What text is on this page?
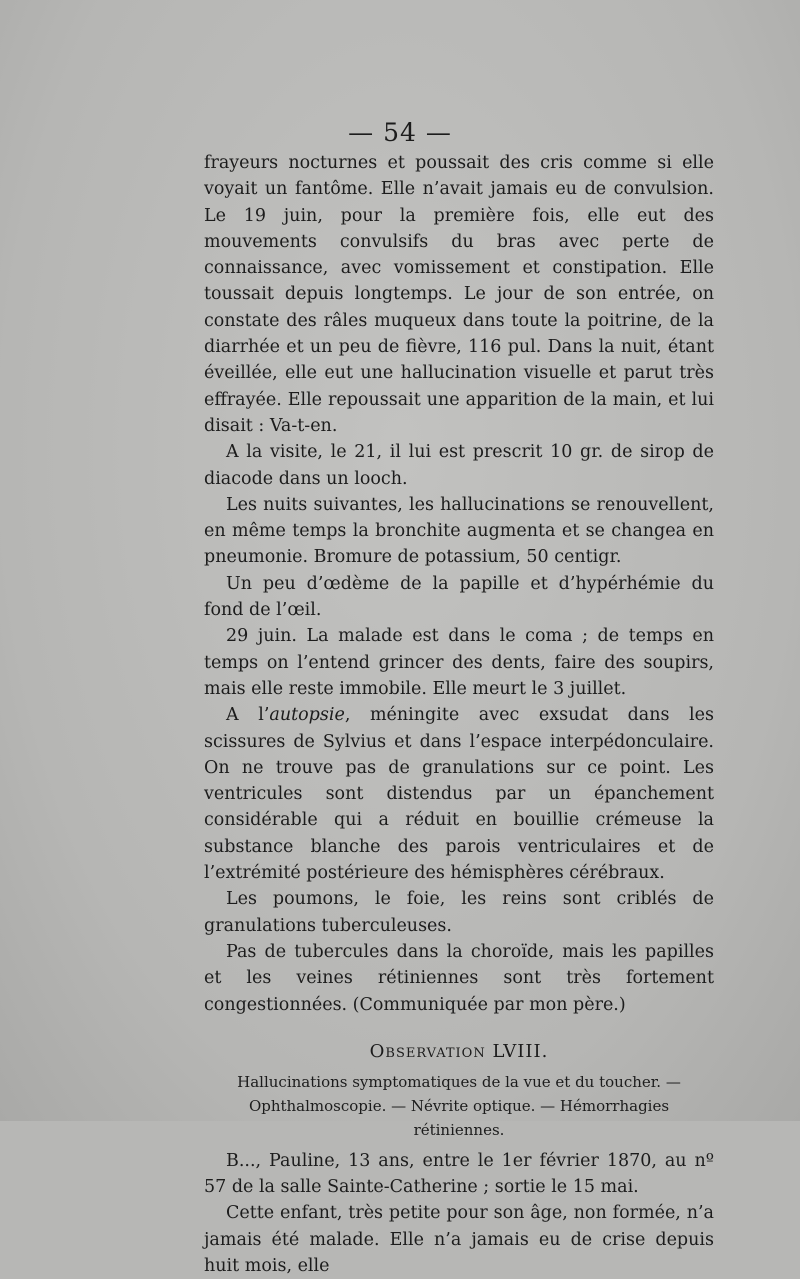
— 54 —

frayeurs nocturnes et poussait des cris comme si elle voyait un fantôme. Elle n’avait jamais eu de convulsion. Le 19 juin, pour la première fois, elle eut des mouvements convulsifs du bras avec perte de connaissance, avec vomissement et constipation. Elle toussait depuis longtemps. Le jour de son entrée, on constate des râles muqueux dans toute la poitrine, de la diarrhée et un peu de fièvre, 116 pul. Dans la nuit, étant éveillée, elle eut une hallucination visuelle et parut très effrayée. Elle repoussait une apparition de la main, et lui disait : Va-t-en.

A la visite, le 21, il lui est prescrit 10 gr. de sirop de diacode dans un looch.

Les nuits suivantes, les hallucinations se renouvellent, en même temps la bronchite augmenta et se changea en pneumonie. Bromure de potassium, 50 centigr.

Un peu d’œdème de la papille et d’hypérhémie du fond de l’œil.

29 juin. La malade est dans le coma ; de temps en temps on l’entend grincer des dents, faire des soupirs, mais elle reste immobile. Elle meurt le 3 juillet.

A l’autopsie, méningite avec exsudat dans les scissures de Sylvius et dans l’espace interpédonculaire. On ne trouve pas de granulations sur ce point. Les ventricules sont distendus par un épanchement considérable qui a réduit en bouillie crémeuse la substance blanche des parois ventriculaires et de l’extrémité postérieure des hémisphères cérébraux.

Les poumons, le foie, les reins sont criblés de granulations tuberculeuses.

Pas de tubercules dans la choroïde, mais les papilles et les veines rétiniennes sont très fortement congestionnées. (Communiquée par mon père.)

Observation LVIII.
Hallucinations symptomatiques de la vue et du toucher. — Ophthalmoscopie. — Névrite optique. — Hémorrhagies rétiniennes.

B..., Pauline, 13 ans, entre le 1er février 1870, au nº 57 de la salle Sainte-Catherine ; sortie le 15 mai.

Cette enfant, très petite pour son âge, non formée, n’a jamais été malade. Elle n’a jamais eu de crise depuis huit mois, elle
